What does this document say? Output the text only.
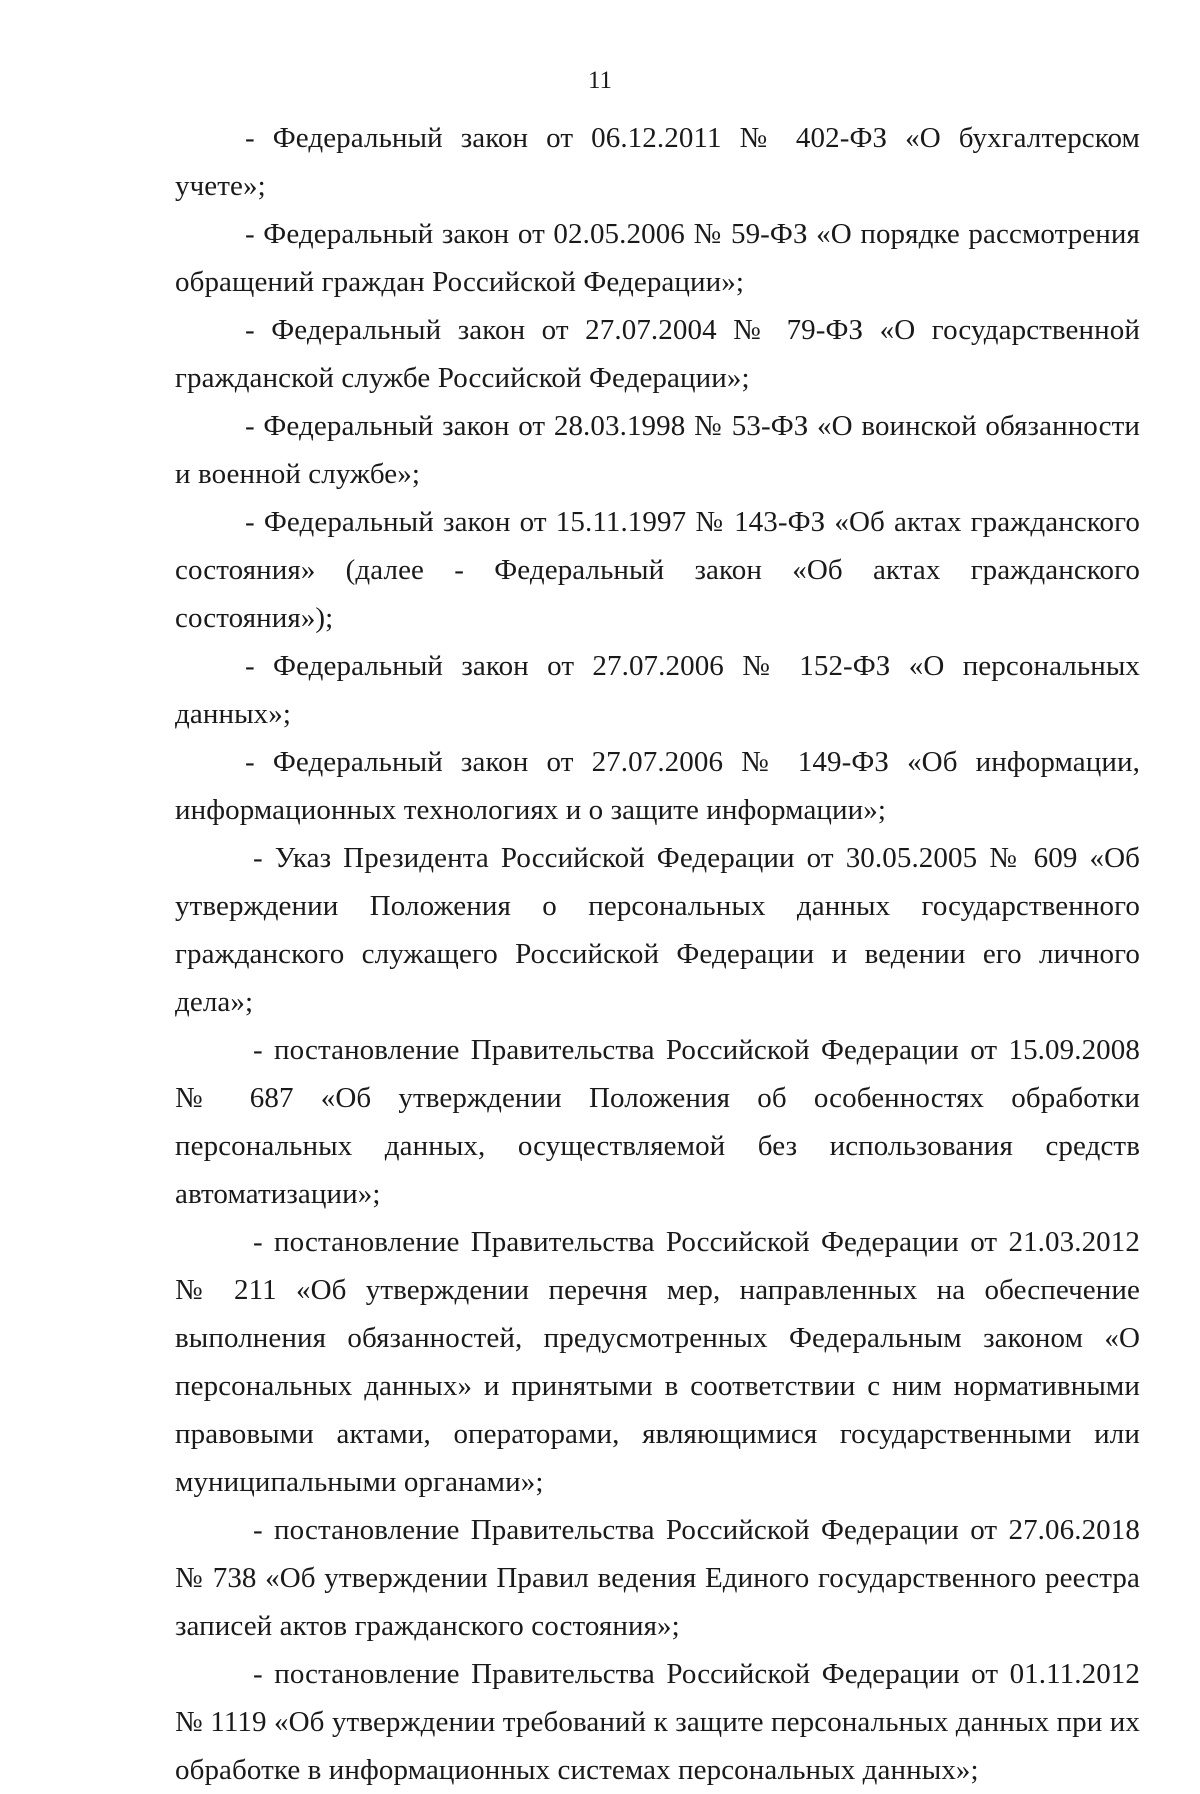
11

- Федеральный закон от 06.12.2011 № 402-ФЗ «О бухгалтерском учете»;

- Федеральный закон от 02.05.2006 № 59-ФЗ «О порядке рассмотрения обращений граждан Российской Федерации»;

- Федеральный закон от 27.07.2004 № 79-ФЗ «О государственной гражданской службе Российской Федерации»;

- Федеральный закон от 28.03.1998 № 53-ФЗ «О воинской обязанности и военной службе»;

- Федеральный закон от 15.11.1997 № 143-ФЗ «Об актах гражданского состояния» (далее - Федеральный закон «Об актах гражданского состояния»);

- Федеральный закон от 27.07.2006 № 152-ФЗ «О персональных данных»;

- Федеральный закон от 27.07.2006 № 149-ФЗ «Об информации, информационных технологиях и о защите информации»;

- Указ Президента Российской Федерации от 30.05.2005 № 609 «Об утверждении Положения о персональных данных государственного гражданского служащего Российской Федерации и ведении его личного дела»;

- постановление Правительства Российской Федерации от 15.09.2008 № 687 «Об утверждении Положения об особенностях обработки персональных данных, осуществляемой без использования средств автоматизации»;

- постановление Правительства Российской Федерации от 21.03.2012 № 211 «Об утверждении перечня мер, направленных на обеспечение выполнения обязанностей, предусмотренных Федеральным законом «О персональных данных» и принятыми в соответствии с ним нормативными правовыми актами, операторами, являющимися государственными или муниципальными органами»;

- постановление Правительства Российской Федерации от 27.06.2018 № 738 «Об утверждении Правил ведения Единого государственного реестра записей актов гражданского состояния»;

- постановление Правительства Российской Федерации от 01.11.2012 № 1119 «Об утверждении требований к защите персональных данных при их обработке в информационных системах персональных данных»;
